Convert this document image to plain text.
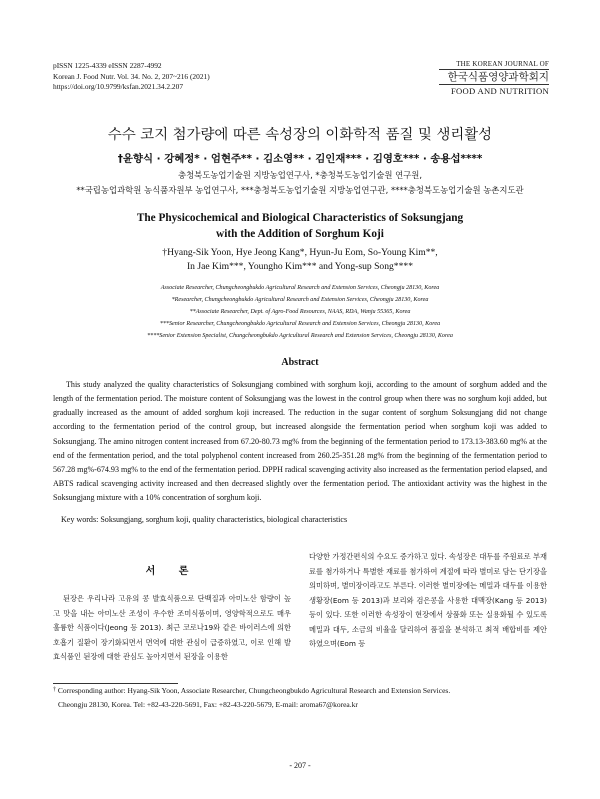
pISSN 1225-4339 eISSN 2287-4992
Korean J. Food Nutr. Vol. 34. No. 2, 207~216 (2021)
https://doi.org/10.9799/ksfan.2021.34.2.207
THE KOREAN JOURNAL OF
한국식품영양과학회지
FOOD AND NUTRITION
수수 코지 첨가량에 따른 속성장의 이화학적 품질 및 생리활성
†윤향식 · 강혜정* · 엄현주** · 김소영** · 김인재*** · 김영호*** · 송용섭****
충청북도농업기술원 지방농업연구사, *충청북도농업기술원 연구원,
**국립농업과학원 농식품자원부 농업연구사, ***충청북도농업기술원 지방농업연구관, ****충청북도농업기술원 농촌지도관
The Physicochemical and Biological Characteristics of Soksungjang
with the Addition of Sorghum Koji
†Hyang-Sik Yoon, Hye Jeong Kang*, Hyun-Ju Eom, So-Young Kim**,
In Jae Kim***, Youngho Kim*** and Yong-sup Song****
Associate Researcher, Chungcheongbukdo Agricultural Research and Extension Services, Cheongju 28130, Korea
*Researcher, Chungcheongbukdo Agricultural Research and Extension Services, Cheongju 28130, Korea
**Associate Researcher, Dept. of Agro-Food Resources, NAAS, RDA, Wanju 55365, Korea
***Senior Researcher, Chungcheongbukdo Agricultural Research and Extension Services, Cheongju 28130, Korea
****Senior Extension Specialist, Chungcheongbukdo Agricultural Research and Extension Services, Cheongju 28130, Korea
Abstract
This study analyzed the quality characteristics of Soksungjang combined with sorghum koji, according to the amount of sorghum added and the length of the fermentation period. The moisture content of Soksungjang was the lowest in the control group when there was no sorghum koji added, but gradually increased as the amount of added sorghum koji increased. The reduction in the sugar content of sorghum Soksungjang did not change according to the fermentation period of the control group, but increased alongside the fermentation period when sorghum koji was added to Soksungjang. The amino nitrogen content increased from 67.20-80.73 mg% from the beginning of the fermentation period to 173.13-383.60 mg% at the end of the fermentation period, and the total polyphenol content increased from 260.25-351.28 mg% from the beginning of the fermentation period to 567.28 mg%-674.93 mg% to the end of the fermentation period. DPPH radical scavenging activity also increased as the fermentation period elapsed, and ABTS radical scavenging activity increased and then decreased slightly over the fermentation period. The antioxidant activity was the highest in the Soksungjang mixture with a 10% concentration of sorghum koji.
Key words: Soksungjang, sorghum koji, quality characteristics, biological characteristics
서 론
된장은 우리나라 고유의 콩 발효식품으로 단백질과 아미노산 함량이 높고 맛을 내는 아미노산 조성이 우수한 조미식품이며, 영양학적으로도 매우 훌륭한 식품이다(Jeong 등 2013). 최근 코로나19와 같은 바이러스에 의한 호흡기 질환이 장기화되면서 면역에 대한 관심이 급증하였고, 이로 인해 발효식품인 된장에 대한 관심도 높아지면서 된장을 이용한
다양한 가정간편식의 수요도 증가하고 있다. 속성장은 대두를 주원료로 부재료를 첨가하거나 특별한 재료를 첨가하여 계절에 따라 별미로 담는 단기장을 의미하며, 별미장이라고도 부른다. 이러한 별미장에는 메밀과 대두를 이용한 생황장(Eom 등 2013)과 보리와 검은콩을 사용한 대맥장(Kang 등 2013) 등이 있다. 또한 이러한 속성장이 현장에서 상품화 또는 실용화될 수 있도록 메밀과 대두, 소금의 비율을 달리하여 품질을 분석하고 최적 배합비를 제안하였으며(Eom 등
† Corresponding author: Hyang-Sik Yoon, Associate Researcher, Chungcheongbukdo Agricultural Research and Extension Services.
Cheongju 28130, Korea. Tel: +82-43-220-5691, Fax: +82-43-220-5679, E-mail: aroma67@korea.kr
- 207 -
